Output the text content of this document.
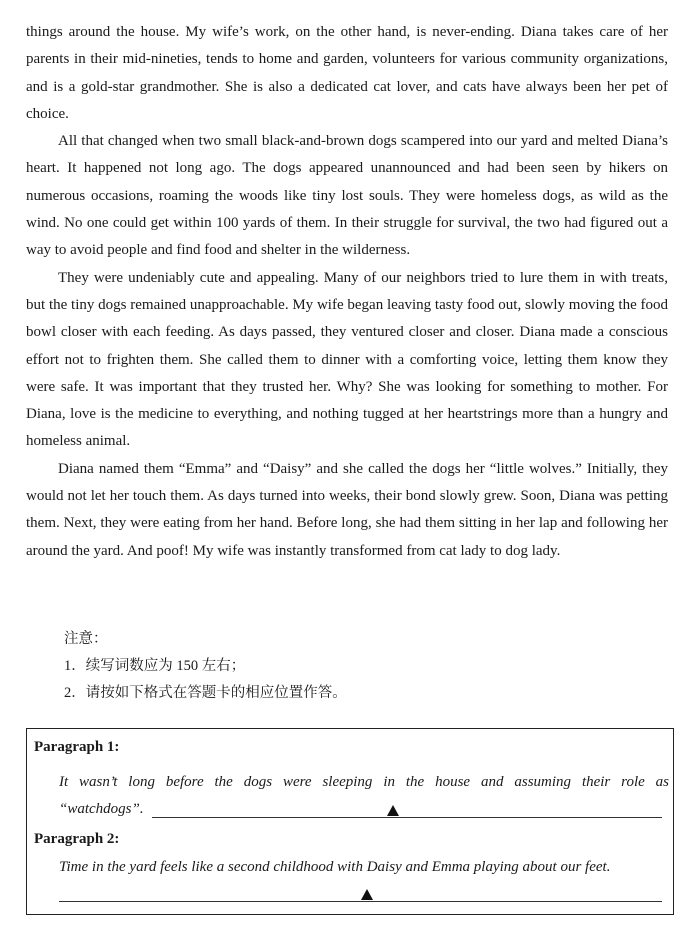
things around the house. My wife’s work, on the other hand, is never-ending. Diana takes care of her parents in their mid-nineties, tends to home and garden, volunteers for various community organizations, and is a gold-star grandmother. She is also a dedicated cat lover, and cats have always been her pet of choice.

All that changed when two small black-and-brown dogs scampered into our yard and melted Diana’s heart. It happened not long ago. The dogs appeared unannounced and had been seen by hikers on numerous occasions, roaming the woods like tiny lost souls. They were homeless dogs, as wild as the wind. No one could get within 100 yards of them. In their struggle for survival, the two had figured out a way to avoid people and find food and shelter in the wilderness.

They were undeniably cute and appealing. Many of our neighbors tried to lure them in with treats, but the tiny dogs remained unapproachable. My wife began leaving tasty food out, slowly moving the food bowl closer with each feeding. As days passed, they ventured closer and closer. Diana made a conscious effort not to frighten them. She called them to dinner with a comforting voice, letting them know they were safe. It was important that they trusted her. Why? She was looking for something to mother. For Diana, love is the medicine to everything, and nothing tugged at her heartstrings more than a hungry and homeless animal.

Diana named them “Emma” and “Daisy” and she called the dogs her “little wolves.” Initially, they would not let her touch them. As days turned into weeks, their bond slowly grew. Soon, Diana was petting them. Next, they were eating from her hand. Before long, she had them sitting in her lap and following her around the yard. And poof! My wife was instantly transformed from cat lady to dog lady.

注意：
1．续写词数应为 150 左右；
2．请按如下格式在答题卡的相应位置作答。
Paragraph 1:
It wasn’t long before the dogs were sleeping in the house and assuming their role as
“watchdogs”.
Paragraph 2:
Time in the yard feels like a second childhood with Daisy and Emma playing about our feet.
